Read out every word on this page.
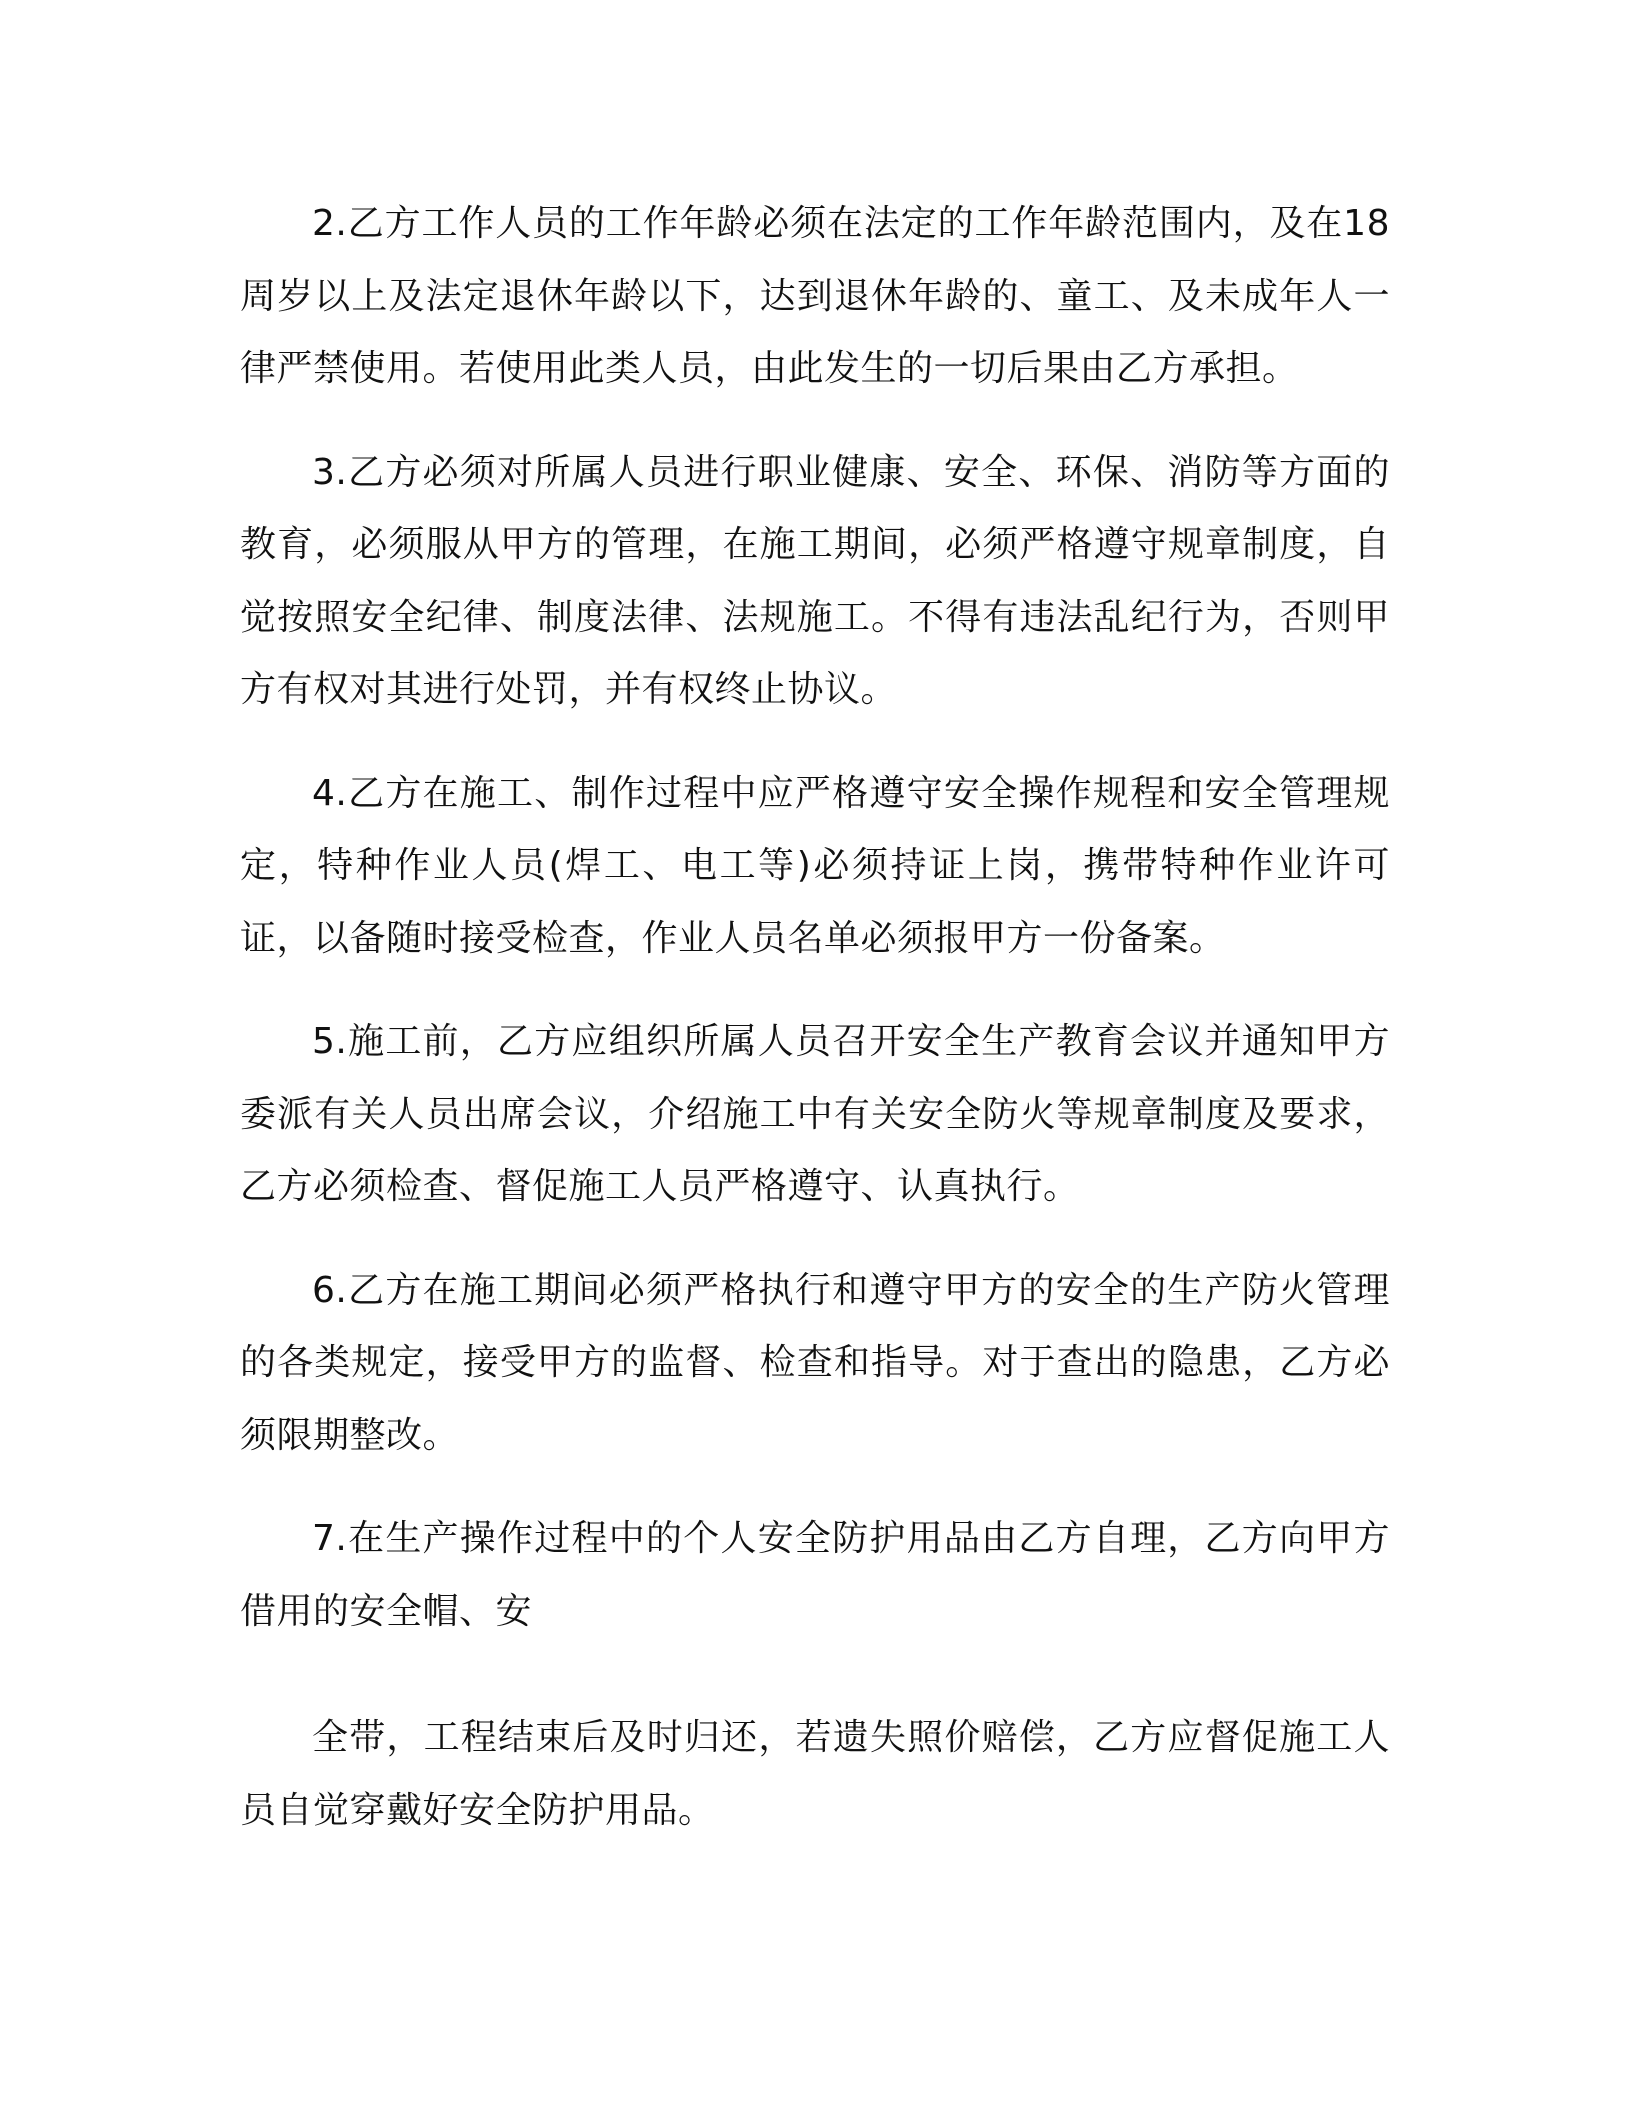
2.乙方工作人员的工作年龄必须在法定的工作年龄范围内，及在18周岁以上及法定退休年龄以下，达到退休年龄的、童工、及未成年人一律严禁使用。若使用此类人员，由此发生的一切后果由乙方承担。

3.乙方必须对所属人员进行职业健康、安全、环保、消防等方面的教育，必须服从甲方的管理，在施工期间，必须严格遵守规章制度，自觉按照安全纪律、制度法律、法规施工。不得有违法乱纪行为，否则甲方有权对其进行处罚，并有权终止协议。

4.乙方在施工、制作过程中应严格遵守安全操作规程和安全管理规定，特种作业人员(焊工、电工等)必须持证上岗，携带特种作业许可证，以备随时接受检查，作业人员名单必须报甲方一份备案。

5.施工前，乙方应组织所属人员召开安全生产教育会议并通知甲方委派有关人员出席会议，介绍施工中有关安全防火等规章制度及要求，乙方必须检查、督促施工人员严格遵守、认真执行。

6.乙方在施工期间必须严格执行和遵守甲方的安全的生产防火管理的各类规定，接受甲方的监督、检查和指导。对于查出的隐患，乙方必须限期整改。

7.在生产操作过程中的个人安全防护用品由乙方自理，乙方向甲方借用的安全帽、安

全带，工程结束后及时归还，若遗失照价赔偿，乙方应督促施工人员自觉穿戴好安全防护用品。
